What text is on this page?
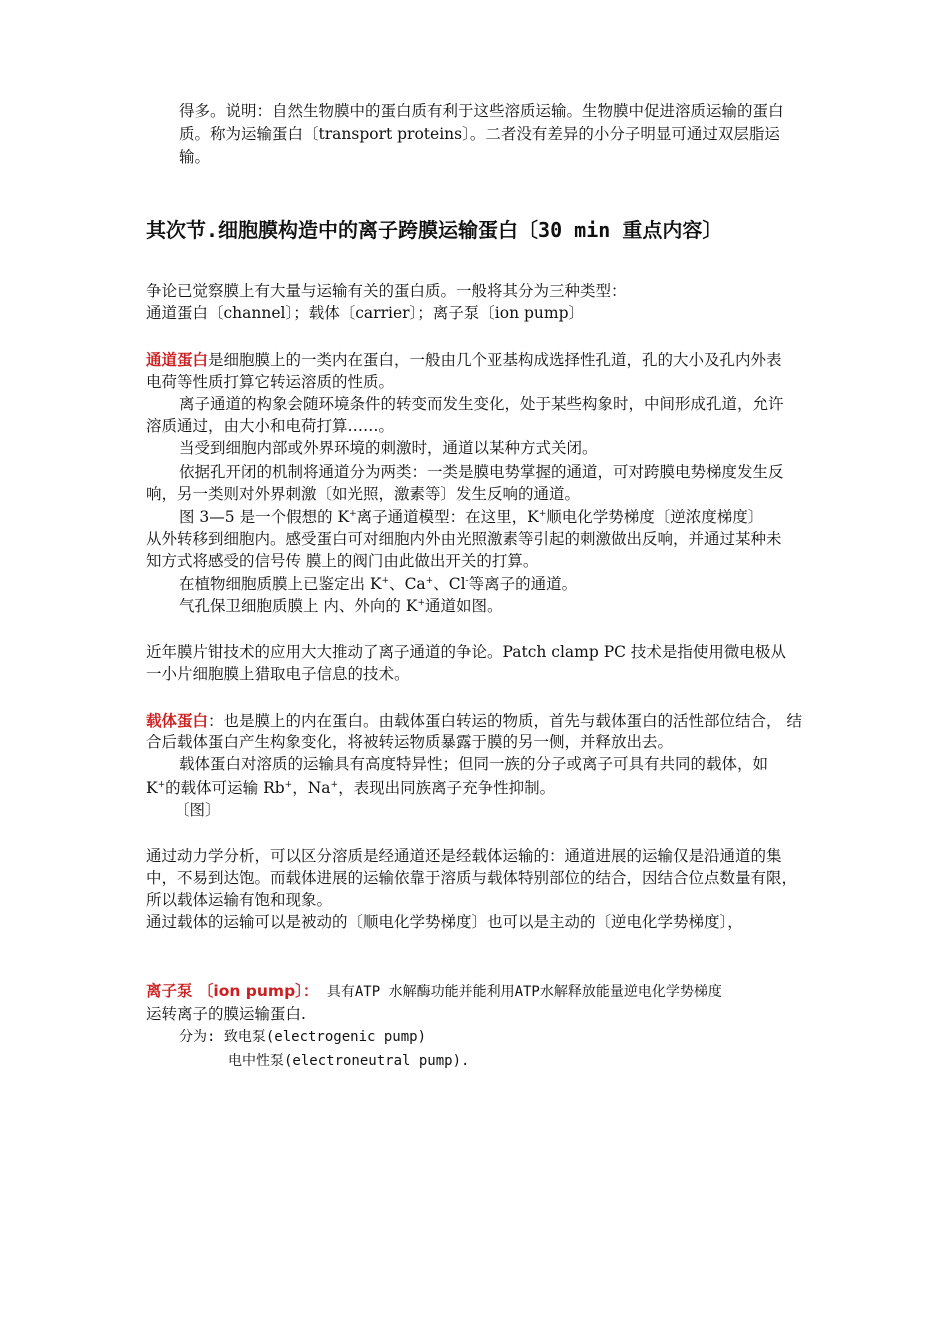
得多。说明：自然生物膜中的蛋白质有利于这些溶质运输。生物膜中促进溶质运输的蛋白
质。称为运输蛋白〔transport proteins〕。二者没有差异的小分子明显可通过双层脂运
输。
其次节.细胞膜构造中的离子跨膜运输蛋白〔30 min 重点内容〕
争论已觉察膜上有大量与运输有关的蛋白质。一般将其分为三种类型：
通道蛋白〔channel〕；载体〔carrier〕；离子泵〔ion pump〕
通道蛋白是细胞膜上的一类内在蛋白，一般由几个亚基构成选择性孔道，孔的大小及孔内外表
电荷等性质打算它转运溶质的性质。
离子通道的构象会随环境条件的转变而发生变化，处于某些构象时，中间形成孔道，允许
溶质通过，由大小和电荷打算……。
当受到细胞内部或外界环境的刺激时，通道以某种方式关闭。
依据孔开闭的机制将通道分为两类：一类是膜电势掌握的通道，可对跨膜电势梯度发生反
响，另一类则对外界刺激〔如光照，激素等〕发生反响的通道。
图 3—5 是一个假想的 K+离子通道模型：在这里，K+顺电化学势梯度〔逆浓度梯度〕
从外转移到细胞内。感受蛋白可对细胞内外由光照激素等引起的刺激做出反响，并通过某种未
知方式将感受的信号传 膜上的阀门由此做出开关的打算。
在植物细胞质膜上已鉴定出 K+、Ca+、Cl-等离子的通道。
气孔保卫细胞质膜上 内、外向的 K+通道如图。
近年膜片钳技术的应用大大推动了离子通道的争论。Patch clamp PC 技术是指使用微电极从
一小片细胞膜上猎取电子信息的技术。
载体蛋白：也是膜上的内在蛋白。由载体蛋白转运的物质，首先与载体蛋白的活性部位结合， 结
合后载体蛋白产生构象变化，将被转运物质暴露于膜的另一侧，并释放出去。
载体蛋白对溶质的运输具有高度特异性；但同一族的分子或离子可具有共同的载体，如
K+的载体可运输 Rb+，Na+，表现出同族离子充争性抑制。
〔图〕
通过动力学分析，可以区分溶质是经通道还是经载体运输的：通道进展的运输仅是沿通道的集
中，不易到达饱。而载体进展的运输依靠于溶质与载体特别部位的结合，因结合位点数量有限，
所以载体运输有饱和现象。
通过载体的运输可以是被动的〔顺电化学势梯度〕也可以是主动的〔逆电化学势梯度〕，
离子泵 〔ion pump〕： 具有ATP 水解酶功能并能利用ATP水解释放能量逆电化学势梯度
运转离子的膜运输蛋白.
分为: 致电泵(electrogenic pump)
电中性泵(electroneutral pump).
